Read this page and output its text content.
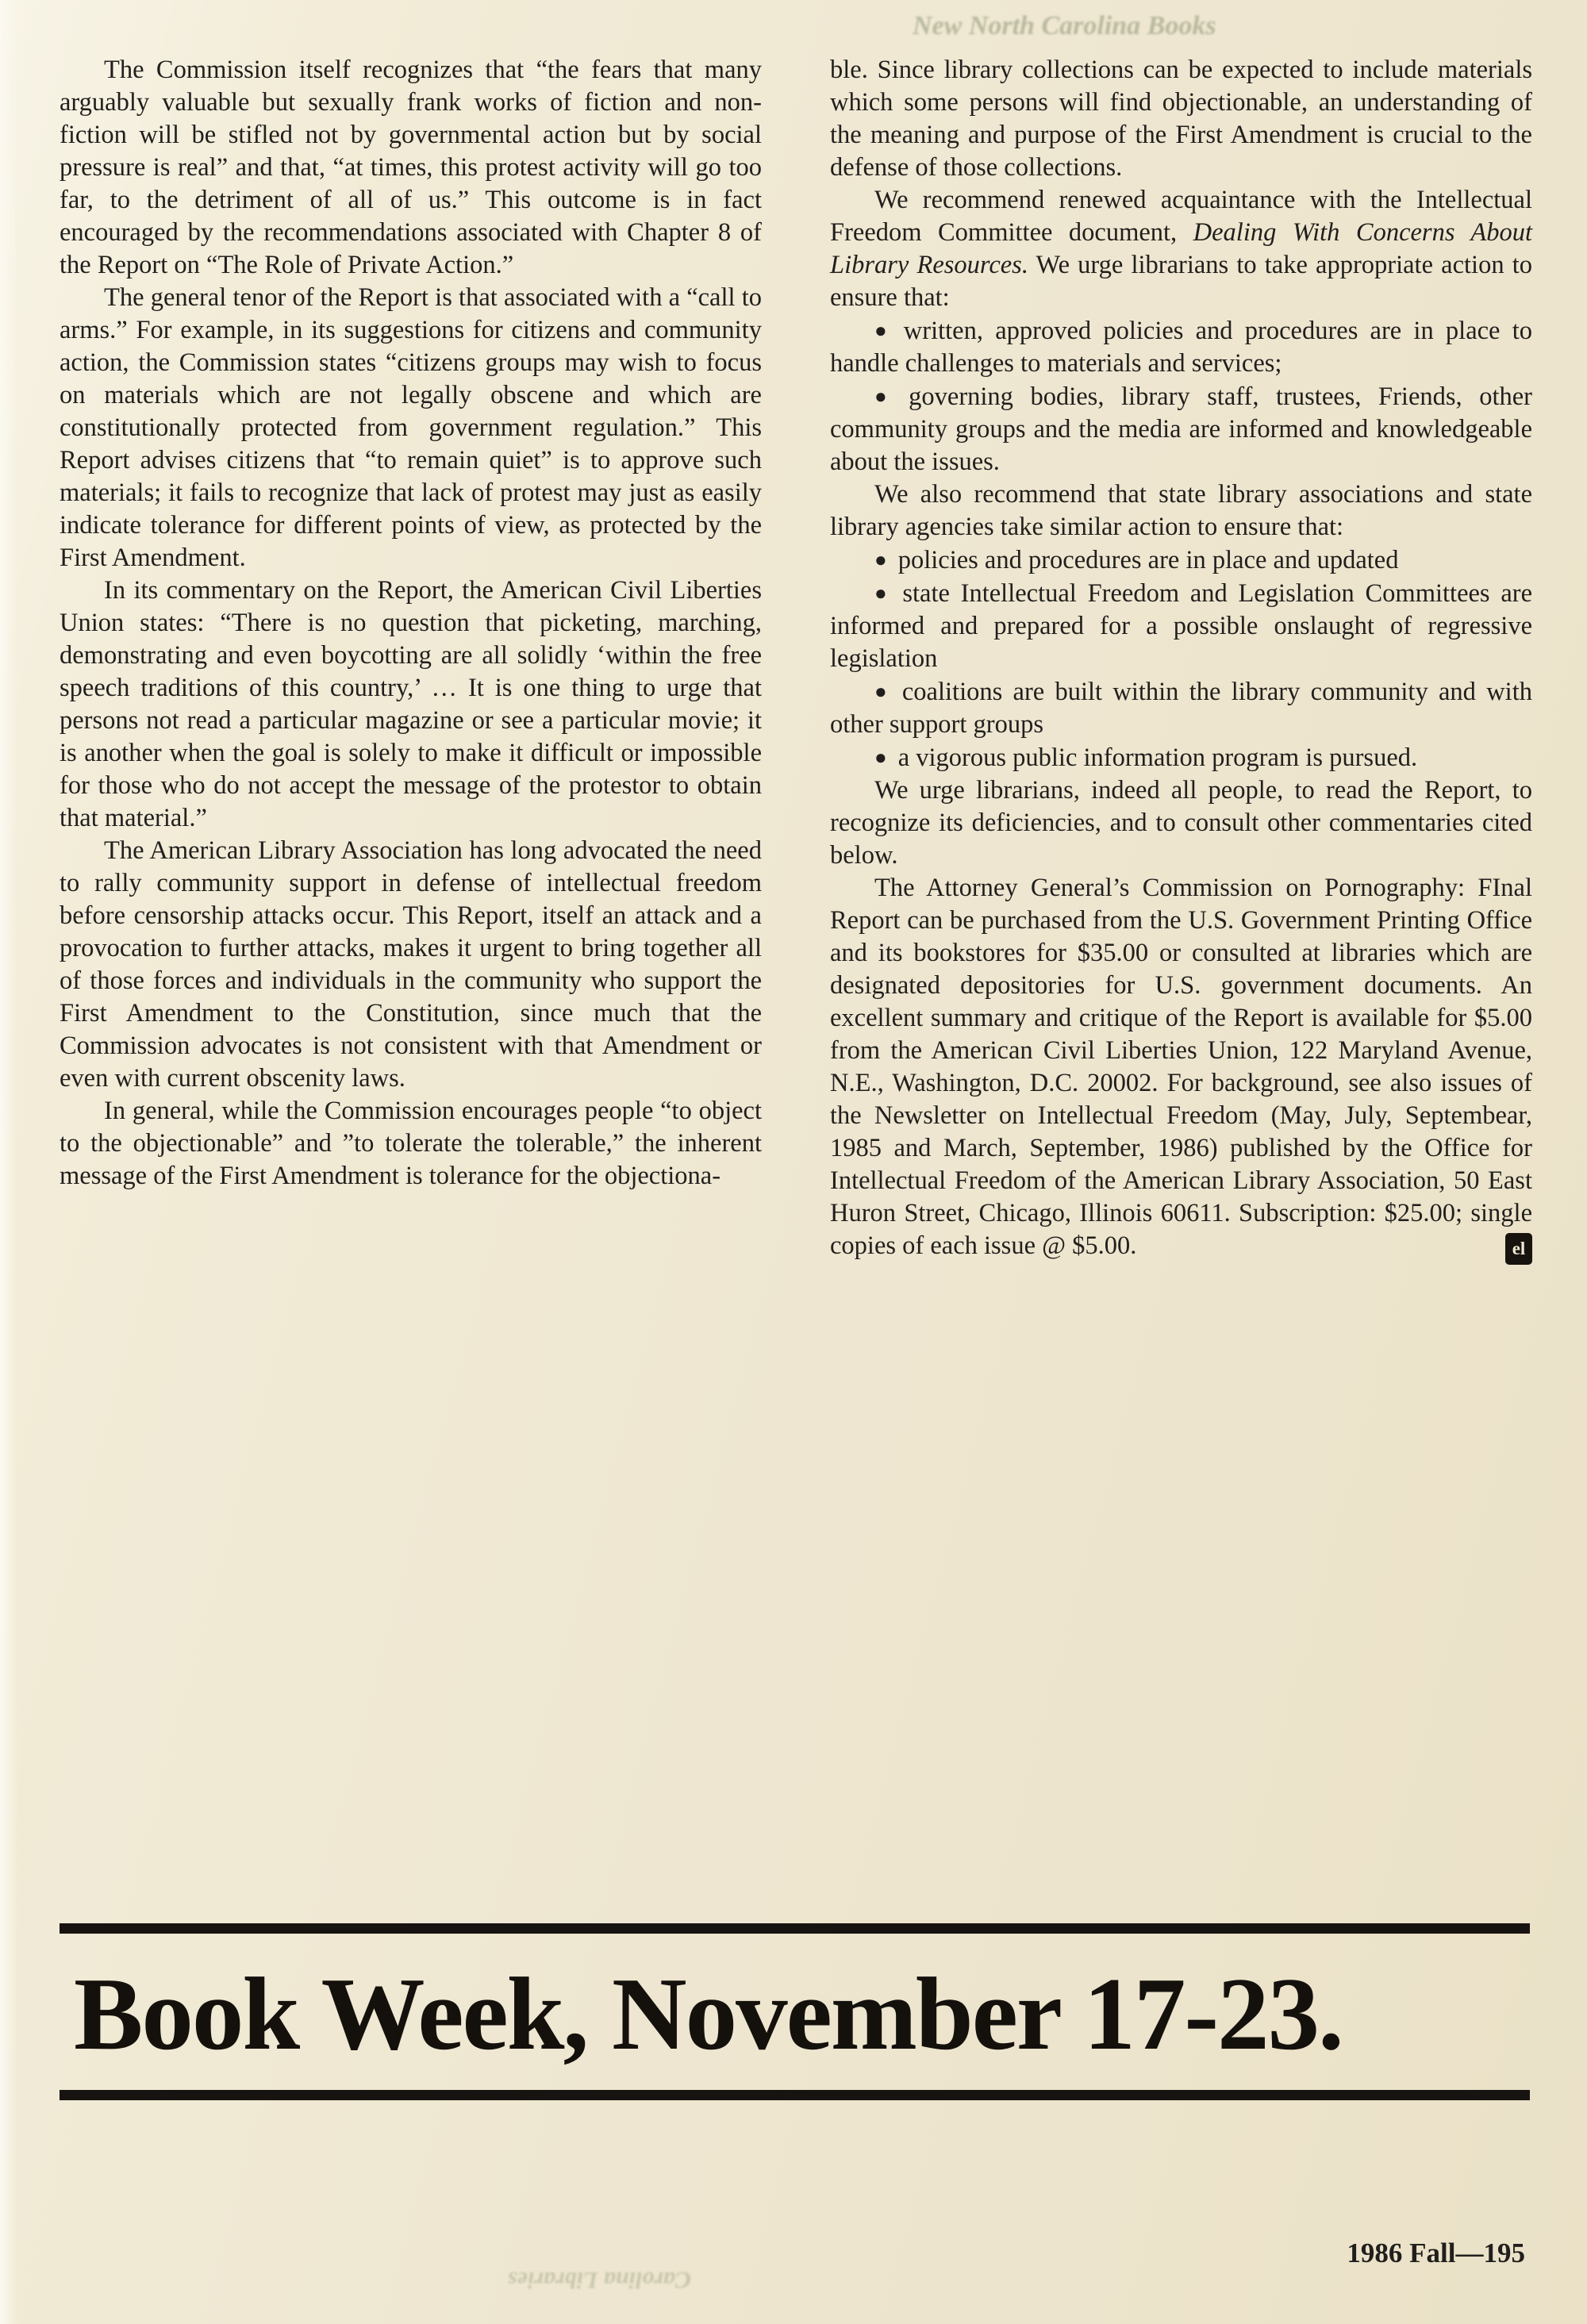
New North Carolina Books

The Commission itself recognizes that “the fears that many arguably valuable but sexually frank works of fiction and non-fiction will be stifled not by governmental action but by social pressure is real” and that, “at times, this protest activity will go too far, to the detriment of all of us.” This outcome is in fact encouraged by the recommendations associated with Chapter 8 of the Report on “The Role of Private Action.”

The general tenor of the Report is that associated with a “call to arms.” For example, in its suggestions for citizens and community action, the Commission states “citizens groups may wish to focus on materials which are not legally obscene and which are constitutionally protected from government regulation.” This Report advises citizens that “to remain quiet” is to approve such materials; it fails to recognize that lack of protest may just as easily indicate tolerance for different points of view, as protected by the First Amendment.

In its commentary on the Report, the American Civil Liberties Union states: “There is no question that picketing, marching, demonstrating and even boycotting are all solidly ‘within the free speech traditions of this country,’ … It is one thing to urge that persons not read a particular magazine or see a particular movie; it is another when the goal is solely to make it difficult or impossible for those who do not accept the message of the protestor to obtain that material.”

The American Library Association has long advocated the need to rally community support in defense of intellectual freedom before censorship attacks occur. This Report, itself an attack and a provocation to further attacks, makes it urgent to bring together all of those forces and individuals in the community who support the First Amendment to the Constitution, since much that the Commission advocates is not consistent with that Amendment or even with current obscenity laws.

In general, while the Commission encourages people “to object to the objectionable” and ”to tolerate the tolerable,” the inherent message of the First Amendment is tolerance for the objectiona-

ble. Since library collections can be expected to include materials which some persons will find objectionable, an understanding of the meaning and purpose of the First Amendment is crucial to the defense of those collections.

We recommend renewed acquaintance with the Intellectual Freedom Committee document, Dealing With Concerns About Library Resources. We urge librarians to take appropriate action to ensure that:

● written, approved policies and procedures are in place to handle challenges to materials and services;

● governing bodies, library staff, trustees, Friends, other community groups and the media are informed and knowledgeable about the issues.

We also recommend that state library associations and state library agencies take similar action to ensure that:

● policies and procedures are in place and updated

● state Intellectual Freedom and Legislation Committees are informed and prepared for a possible onslaught of regressive legislation

● coalitions are built within the library community and with other support groups

● a vigorous public information program is pursued.

We urge librarians, indeed all people, to read the Report, to recognize its deficiencies, and to consult other commentaries cited below.

The Attorney General’s Commission on Pornography: FInal Report can be purchased from the U.S. Government Printing Office and its bookstores for $35.00 or consulted at libraries which are designated depositories for U.S. government documents. An excellent summary and critique of the Report is available for $5.00 from the American Civil Liberties Union, 122 Maryland Avenue, N.E., Washington, D.C. 20002. For background, see also issues of the Newsletter on Intellectual Freedom (May, July, Septembear, 1985 and March, September, 1986) published by the Office for Intellectual Freedom of the American Library Association, 50 East Huron Street, Chicago, Illinois 60611. Subscription: $25.00; single copies of each issue @ $5.00.	el

Book Week, November 17-23.
Carolina Libraries
1986 Fall—195
